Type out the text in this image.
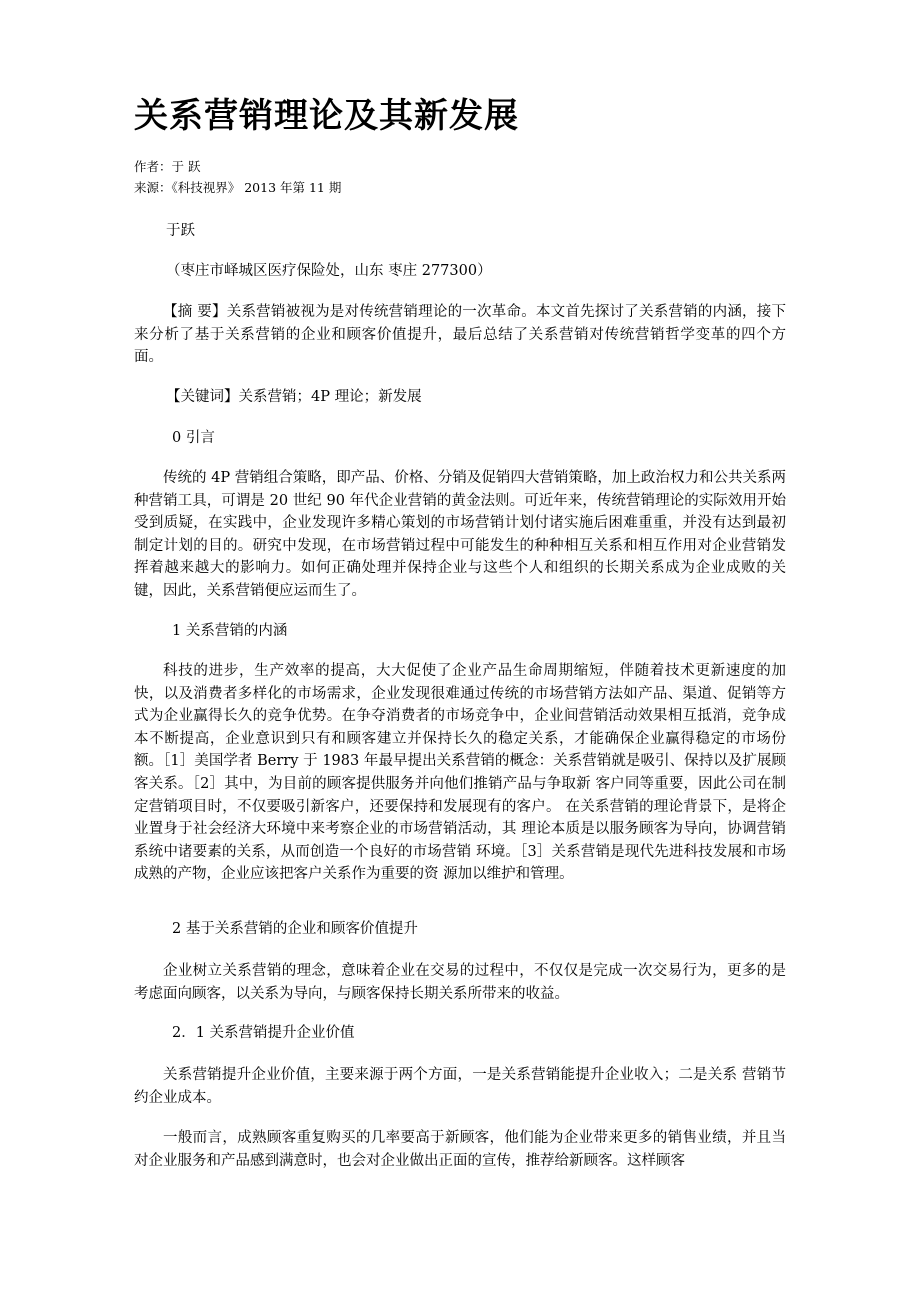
关系营销理论及其新发展
作者：于 跃
来源：《科技视界》 2013 年第 11 期
于跃
（枣庄市峄城区医疗保险处，山东 枣庄 277300）

【摘 要】关系营销被视为是对传统营销理论的一次革命。本文首先探讨了关系营销的内涵，接下来分析了基于关系营销的企业和顾客价值提升，最后总结了关系营销对传统营销哲学变革的四个方面。

【关键词】关系营销；4P 理论；新发展
0 引言

传统的 4P 营销组合策略，即产品、价格、分销及促销四大营销策略，加上政治权力和公共关系两种营销工具，可谓是 20 世纪 90 年代企业营销的黄金法则。可近年来，传统营销理论的实际效用开始受到质疑，在实践中，企业发现许多精心策划的市场营销计划付诸实施后困难重重，并没有达到最初制定计划的目的。研究中发现，在市场营销过程中可能发生的种种相互关系和相互作用对企业营销发挥着越来越大的影响力。如何正确处理并保持企业与这些个人和组织的长期关系成为企业成败的关键，因此，关系营销便应运而生了。

1 关系营销的内涵

科技的进步，生产效率的提高，大大促使了企业产品生命周期缩短，伴随着技术更新速度的加快，以及消费者多样化的市场需求，企业发现很难通过传统的市场营销方法如产品、渠道、促销等方式为企业赢得长久的竞争优势。在争夺消费者的市场竞争中，企业间营销活动效果相互抵消，竞争成本不断提高，企业意识到只有和顾客建立并保持长久的稳定关系，才能确保企业赢得稳定的市场份额。［1］美国学者 Berry 于 1983 年最早提出关系营销的概念：关系营销就是吸引、保持以及扩展顾客关系。［2］其中，为目前的顾客提供服务并向他们推销产品与争取新 客户同等重要，因此公司在制定营销项目时，不仅要吸引新客户，还要保持和发展现有的客户。 在关系营销的理论背景下，是将企业置身于社会经济大环境中来考察企业的市场营销活动，其 理论本质是以服务顾客为导向，协调营销系统中诸要素的关系，从而创造一个良好的市场营销 环境。［3］关系营销是现代先进科技发展和市场成熟的产物，企业应该把客户关系作为重要的资 源加以维护和管理。

2 基于关系营销的企业和顾客价值提升

企业树立关系营销的理念，意味着企业在交易的过程中，不仅仅是完成一次交易行为，更多的是考虑面向顾客，以关系为导向，与顾客保持长期关系所带来的收益。

2．1 关系营销提升企业价值

关系营销提升企业价值，主要来源于两个方面，一是关系营销能提升企业收入；二是关系 营销节约企业成本。

一般而言，成熟顾客重复购买的几率要高于新顾客，他们能为企业带来更多的销售业绩，并且当对企业服务和产品感到满意时，也会对企业做出正面的宣传，推荐给新顾客。这样顾客
